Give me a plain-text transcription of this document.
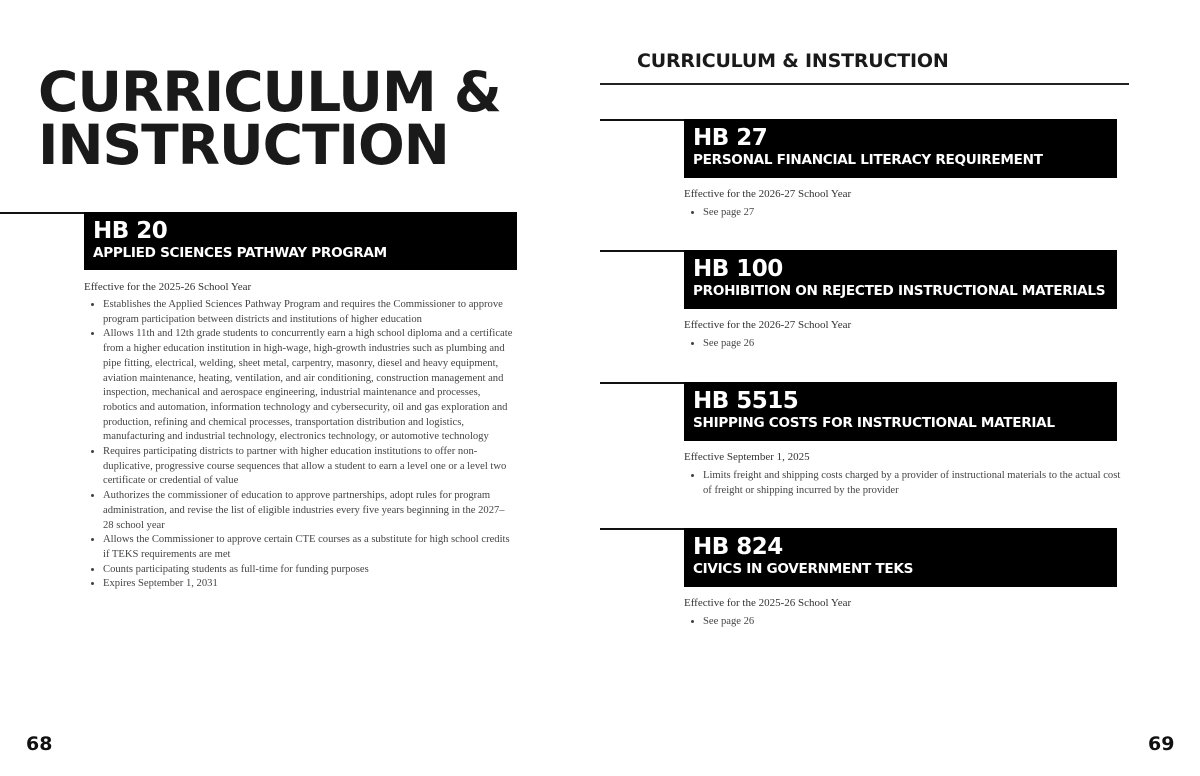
CURRICULUM &
INSTRUCTION
HB 20
APPLIED SCIENCES PATHWAY PROGRAM
Effective for the 2025-26 School Year
• Establishes the Applied Sciences Pathway Program and requires the Commissioner to approve program participation between districts and institutions of higher education
• Allows 11th and 12th grade students to concurrently earn a high school diploma and a certificate from a higher education institution in high-wage, high-growth industries such as plumbing and pipe fitting, electrical, welding, sheet metal, carpentry, masonry, diesel and heavy equipment, aviation maintenance, heating, ventilation, and air conditioning, construction management and inspection, mechanical and aerospace engineering, industrial maintenance and processes, robotics and automation, information technology and cybersecurity, oil and gas exploration and production, refining and chemical processes, transportation distribution and logistics, manufacturing and industrial technology, electronics technology, or automotive technology
• Requires participating districts to partner with higher education institutions to offer non-duplicative, progressive course sequences that allow a student to earn a level one or a level two certificate or credential of value
• Authorizes the commissioner of education to approve partnerships, adopt rules for program administration, and revise the list of eligible industries every five years beginning in the 2027–28 school year
• Allows the Commissioner to approve certain CTE courses as a substitute for high school credits if TEKS requirements are met
• Counts participating students as full-time for funding purposes
• Expires September 1, 2031
68
CURRICULUM & INSTRUCTION
HB 27
PERSONAL FINANCIAL LITERACY REQUIREMENT
Effective for the 2026-27 School Year
• See page 27
HB 100
PROHIBITION ON REJECTED INSTRUCTIONAL MATERIALS
Effective for the 2026-27 School Year
• See page 26
HB 5515
SHIPPING COSTS FOR INSTRUCTIONAL MATERIAL
Effective September 1, 2025
• Limits freight and shipping costs charged by a provider of instructional materials to the actual cost of freight or shipping incurred by the provider
HB 824
CIVICS IN GOVERNMENT TEKS
Effective for the 2025-26 School Year
• See page 26
69
